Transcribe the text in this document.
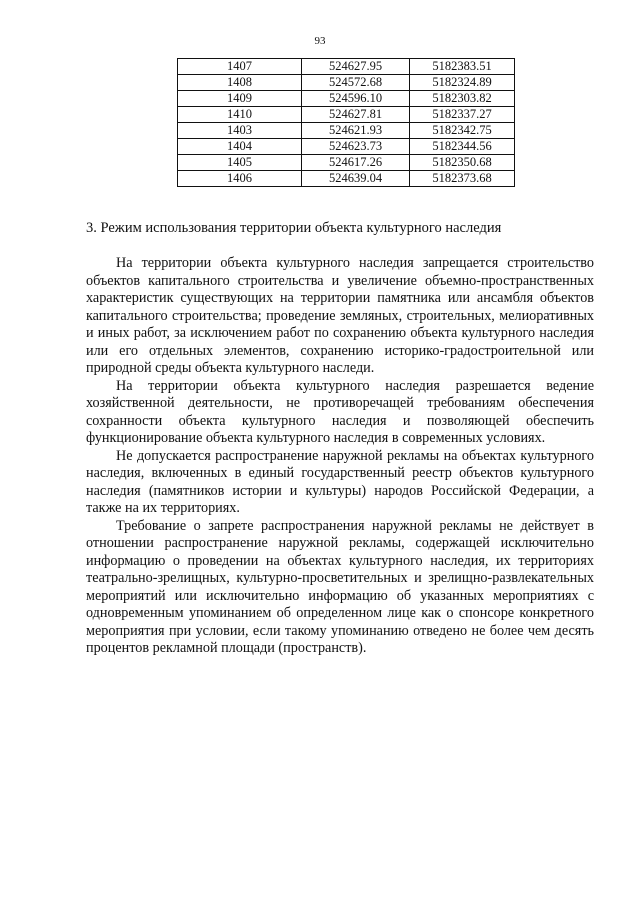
93
1407	524627.95	5182383.51
1408	524572.68	5182324.89
1409	524596.10	5182303.82
1410	524627.81	5182337.27
1403	524621.93	5182342.75
1404	524623.73	5182344.56
1405	524617.26	5182350.68
1406	524639.04	5182373.68
3. Режим использования территории объекта культурного наследия

На территории объекта культурного наследия запрещается строительство объектов капитального строительства и увеличение объемно-пространственных характеристик существующих на территории памятника или ансамбля объектов капитального строительства; проведение земляных, строительных, мелиоративных и иных работ, за исключением работ по сохранению объекта культурного наследия или его отдельных элементов, сохранению историко-градостроительной или природной среды объекта культурного наследи.

На территории объекта культурного наследия разрешается ведение хозяйственной деятельности, не противоречащей требованиям обеспечения сохранности объекта культурного наследия и позволяющей обеспечить функционирование объекта культурного наследия в современных условиях.

Не допускается распространение наружной рекламы на объектах культурного наследия, включенных в единый государственный реестр объектов культурного наследия (памятников истории и культуры) народов Российской Федерации, а также на их территориях.

Требование о запрете распространения наружной рекламы не действует в отношении распространение наружной рекламы, содержащей исключительно информацию о проведении на объектах культурного наследия, их территориях театрально-зрелищных, культурно-просветительных и зрелищно-развлекательных мероприятий или исключительно информацию об указанных мероприятиях с одновременным упоминанием об определенном лице как о спонсоре конкретного мероприятия при условии, если такому упоминанию отведено не более чем десять процентов рекламной площади (пространств).
